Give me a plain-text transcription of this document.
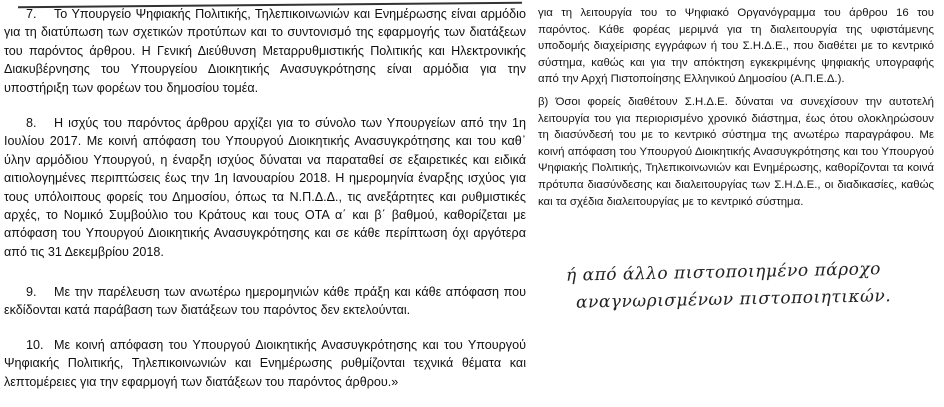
7. Το Υπουργείο Ψηφιακής Πολιτικής, Τηλεπικοινωνιών και Ενημέρωσης είναι αρμόδιο για τη διατύπωση των σχετικών προτύπων και το συντονισμό της εφαρμογής των διατάξεων του παρόντος άρθρου. Η Γενική Διεύθυνση Μεταρρυθμιστικής Πολιτικής και Ηλεκτρονικής Διακυβέρνησης του Υπουργείου Διοικητικής Ανασυγκρότησης είναι αρμόδια για την υποστήριξη των φορέων του δημοσίου τομέα.

8. Η ισχύς του παρόντος άρθρου αρχίζει για το σύνολο των Υπουργείων από την 1η Ιουλίου 2017. Με κοινή απόφαση του Υπουργού Διοικητικής Ανασυγκρότησης και του καθ᾽ ύλην αρμόδιου Υπουργού, η έναρξη ισχύος δύναται να παραταθεί σε εξαιρετικές και ειδικά αιτιολογημένες περιπτώσεις έως την 1η Ιανουαρίου 2018. Η ημερομηνία έναρξης ισχύος για τους υπόλοιπους φορείς του Δημοσίου, όπως τα Ν.Π.Δ.Δ., τις ανεξάρτητες και ρυθμιστικές αρχές, το Νομικό Συμβούλιο του Κράτους και τους ΟΤΑ α΄ και β΄ βαθμού, καθορίζεται με απόφαση του Υπουργού Διοικητικής Ανασυγκρότησης και σε κάθε περίπτωση όχι αργότερα από τις 31 Δεκεμβρίου 2018.

9. Με την παρέλευση των ανωτέρω ημερομηνιών κάθε πράξη και κάθε απόφαση που εκδίδονται κατά παράβαση των διατάξεων του παρόντος δεν εκτελούνται.

10. Με κοινή απόφαση του Υπουργού Διοικητικής Ανασυγκρότησης και του Υπουργού Ψηφιακής Πολιτικής, Τηλεπικοινωνιών και Ενημέρωσης ρυθμίζονται τεχνικά θέματα και λεπτομέρειες για την εφαρμογή των διατάξεων του παρόντος άρθρου.»

για τη λειτουργία του το Ψηφιακό Οργανόγραμμα του άρθρου 16 του παρόντος. Κάθε φορέας μεριμνά για τη διαλειτουργία της υφιστάμενης υποδομής διαχείρισης εγγράφων ή του Σ.Η.Δ.Ε., που διαθέτει με το κεντρικό σύστημα, καθώς και για την απόκτηση εγκεκριμένης ψηφιακής υπογραφής από την Αρχή Πιστοποίησης Ελληνικού Δημοσίου (Α.Π.Ε.Δ.).

β) Όσοι φορείς διαθέτουν Σ.Η.Δ.Ε. δύναται να συνεχίσουν την αυτοτελή λειτουργία του για περιορισμένο χρονικό διάστημα, έως ότου ολοκληρώσουν τη διασύνδεσή του με το κεντρικό σύστημα της ανωτέρω παραγράφου. Με κοινή απόφαση του Υπουργού Διοικητικής Ανασυγκρότησης και του Υπουργού Ψηφιακής Πολιτικής, Τηλεπικοινωνιών και Ενημέρωσης, καθορίζονται τα κοινά πρότυπα διασύνδεσης και διαλειτουργίας των Σ.Η.Δ.Ε., οι διαδικασίες, καθώς και τα σχέδια διαλειτουργίας με το κεντρικό σύστημα.

ή από άλλο πιστοποιημένο πάροχο
αναγνωρισμένων πιστοποιητικών.
